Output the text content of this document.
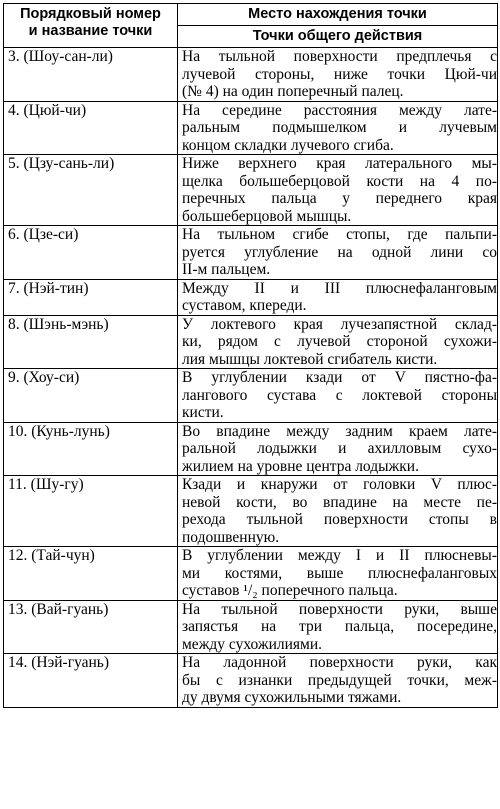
Порядковый номер
и название точки	Место нахождения точки
	Точки общего действия
3. (Шоу-сан-ли)	На тыльной поверхности предплечья с
лучевой стороны, ниже точки Цюй-чи
(№ 4) на один поперечный палец.

4. (Цюй-чи)	На середине расстояния между лате-
ральным подмышелком и лучевым
концом складки лучевого сгиба.

5. (Цзу-сань-ли)	Ниже верхнего края латерального мы-
щелка большеберцовой кости на 4 по-
перечных пальца у переднего края
большеберцовой мышцы.

6. (Цзе-си)	На тыльном сгибе стопы, где пальпи-
руется углубление на одной лини со
II-м пальцем.

7. (Нэй-тин)	Между II и III плюснефаланговым
суставом, кпереди.

8. (Шэнь-мэнь)	У локтевого края лучезапястной склад-
ки, рядом с лучевой стороной сухожи-
лия мышцы локтевой сгибатель кисти.

9. (Хоу-си)	В углублении кзади от V пястно-фа-
лангового сустава с локтевой стороны
кисти.

10. (Кунь-лунь)	Во впадине между задним краем лате-
ральной лодыжки и ахилловым сухо-
жилием на уровне центра лодыжки.

11. (Шу-гу)	Кзади и кнаружи от головки V плюс-
невой кости, во впадине на месте пе-
рехода тыльной поверхности стопы в
подошвенную.

12. (Тай-чун)	В углублении между I и II плюсневы-
ми костями, выше плюснефаланговых
суставов ¹/₂ поперечного пальца.

13. (Вай-гуань)	На тыльной поверхности руки, выше
запястья на три пальца, посередине,
между сухожилиями.

14. (Нэй-гуань)	На ладонной поверхности руки, как
бы с изнанки предыдущей точки, меж-
ду двумя сухожильными тяжами.
